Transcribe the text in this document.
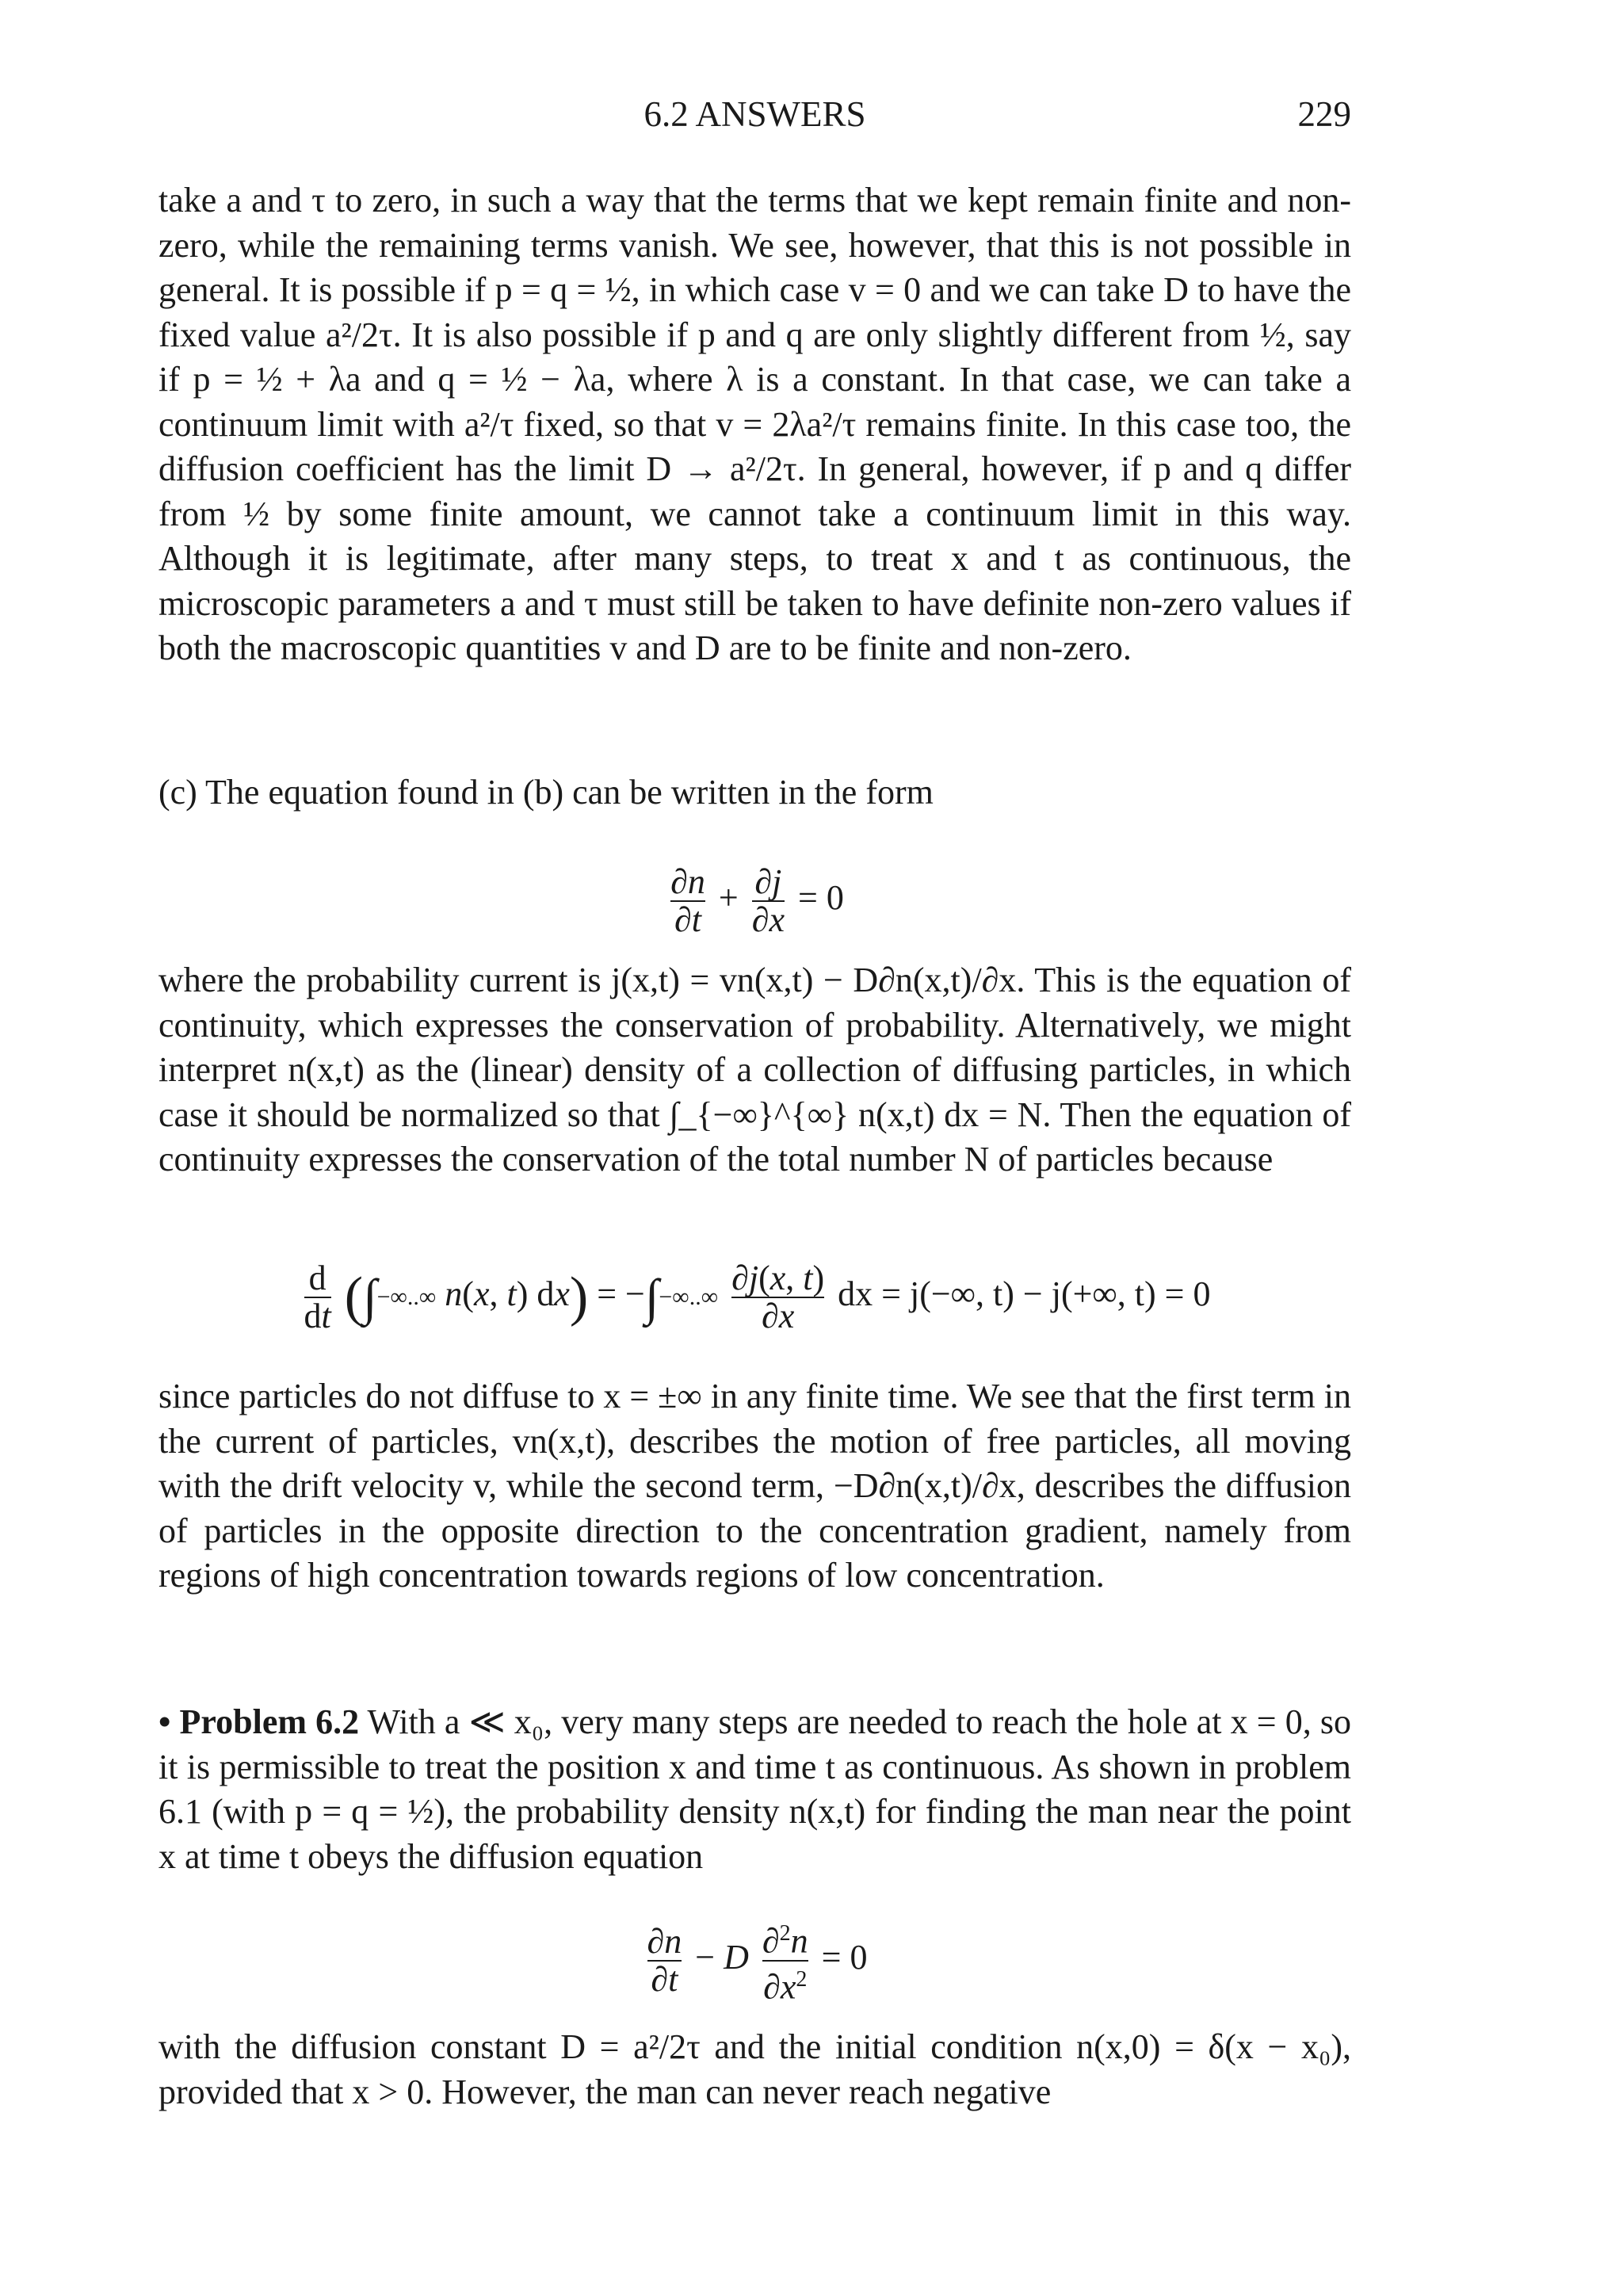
6.2 ANSWERS	229
take a and τ to zero, in such a way that the terms that we kept remain finite and non-zero, while the remaining terms vanish. We see, however, that this is not possible in general. It is possible if p = q = ½, in which case v = 0 and we can take D to have the fixed value a²/2τ. It is also possible if p and q are only slightly different from ½, say if p = ½ + λa and q = ½ − λa, where λ is a constant. In that case, we can take a continuum limit with a²/τ fixed, so that v = 2λa²/τ remains finite. In this case too, the diffusion coefficient has the limit D → a²/2τ. In general, however, if p and q differ from ½ by some finite amount, we cannot take a continuum limit in this way. Although it is legitimate, after many steps, to treat x and t as continuous, the microscopic parameters a and τ must still be taken to have definite non-zero values if both the macroscopic quantities v and D are to be finite and non-zero.
(c) The equation found in (b) can be written in the form
$\frac{\partial n}{\partial t} + \frac{\partial j}{\partial x} = 0$
where the probability current is j(x,t) = vn(x,t) − D∂n(x,t)/∂x. This is the equation of continuity, which expresses the conservation of probability. Alternatively, we might interpret n(x,t) as the (linear) density of a collection of diffusing particles, in which case it should be normalized so that ∫_{−∞}^{∞} n(x,t) dx = N. Then the equation of continuity expresses the conservation of the total number N of particles because
$\frac{d}{dt}$ (∫−∞..∞ n(x, t) dx) = −∫−∞..∞ $\frac{\partial j(x, t)}{\partial x}$ dx = j(−∞, t) − j(+∞, t) = 0
since particles do not diffuse to x = ±∞ in any finite time. We see that the first term in the current of particles, vn(x,t), describes the motion of free particles, all moving with the drift velocity v, while the second term, −D∂n(x,t)/∂x, describes the diffusion of particles in the opposite direction to the concentration gradient, namely from regions of high concentration towards regions of low concentration.
• Problem 6.2 With a ≪ x₀, very many steps are needed to reach the hole at x = 0, so it is permissible to treat the position x and time t as continuous. As shown in problem 6.1 (with p = q = ½), the probability density n(x,t) for finding the man near the point x at time t obeys the diffusion equation
$\frac{\partial n}{\partial t} - D \frac{\partial^2n}{\partial x^2} = 0$
with the diffusion constant D = a²/2τ and the initial condition n(x,0) = δ(x − x₀), provided that x > 0. However, the man can never reach negative
